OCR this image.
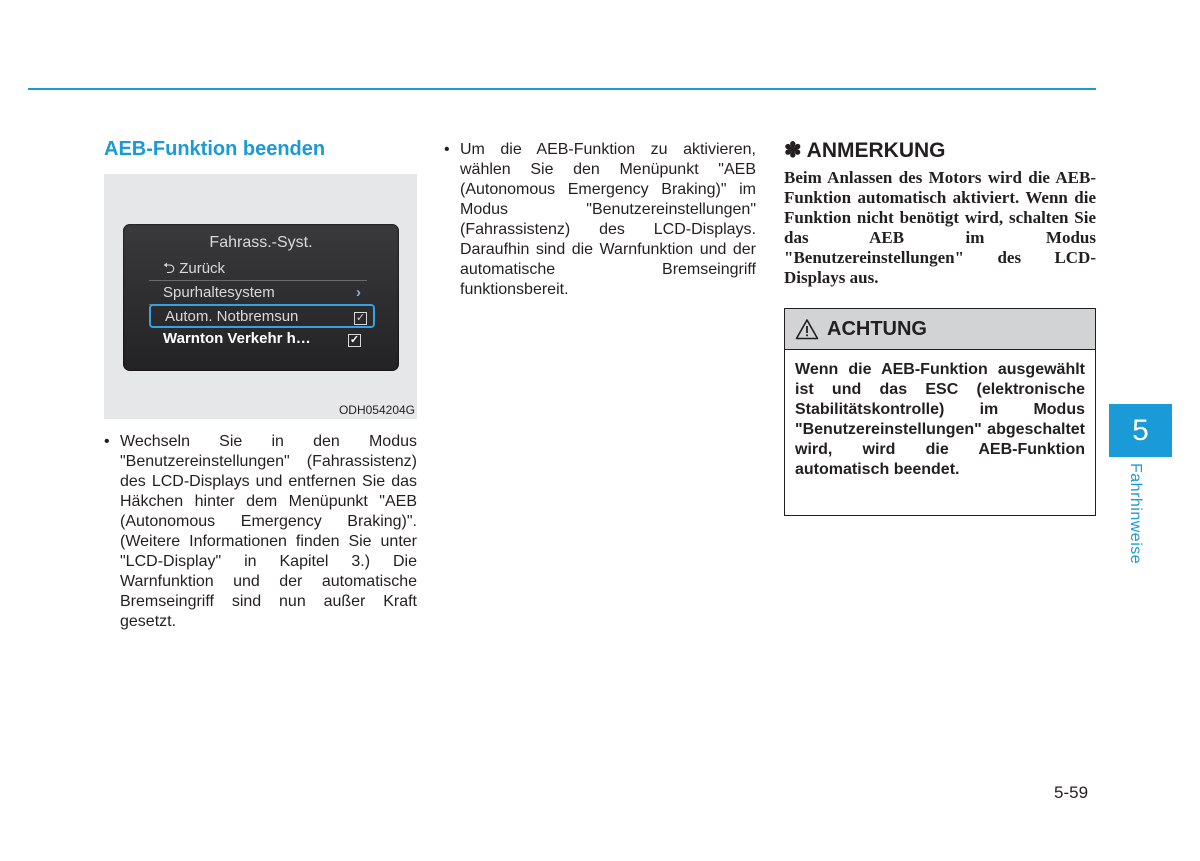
AEB-Funktion beenden
Fahrass.-Syst.
⮌ Zurück
Spurhaltesystem	›
Autom. Notbremsun	✓
Warnton Verkehr h…	✓
ODH054204G
• Wechseln Sie in den Modus "Benutzereinstellungen" (Fahrassistenz) des LCD-Displays und entfernen Sie das Häkchen hinter dem Menüpunkt "AEB (Autonomous Emergency Braking)". (Weitere Informationen finden Sie unter "LCD-Display" in Kapitel 3.) Die Warnfunktion und der automatische Bremseingriff sind nun außer Kraft gesetzt.
• Um die AEB-Funktion zu aktivieren, wählen Sie den Menüpunkt "AEB (Autonomous Emergency Braking)" im Modus "Benutzereinstellungen" (Fahrassistenz) des LCD-Displays. Daraufhin sind die Warnfunktion und der automatische Bremseingriff funktionsbereit.
✽ ANMERKUNG
Beim Anlassen des Motors wird die AEB-Funktion automatisch aktiviert. Wenn die Funktion nicht benötigt wird, schalten Sie das AEB im Modus "Benutzereinstellungen" des LCD-Displays aus.
ACHTUNG
Wenn die AEB-Funktion ausgewählt ist und das ESC (elektronische Stabilitätskontrolle) im Modus "Benutzereinstellungen" abgeschaltet wird, wird die AEB-Funktion automatisch beendet.
5
Fahrhinweise
5-59
